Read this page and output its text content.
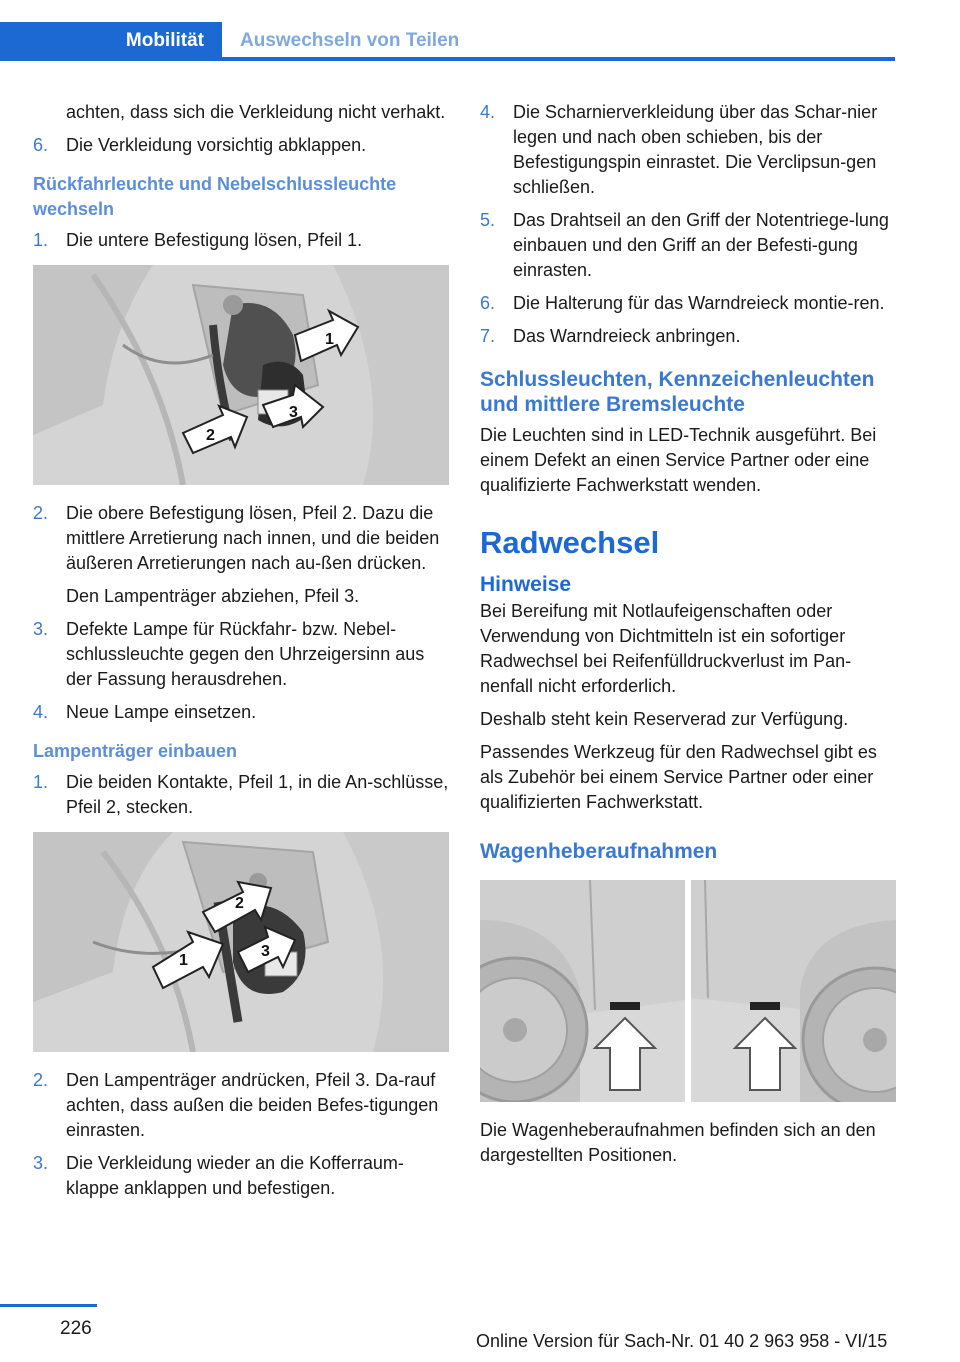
Mobilität Auswechseln von Teilen
achten, dass sich die Verkleidung nicht verhakt.
6. Die Verkleidung vorsichtig abklappen.
Rückfahrleuchte und Nebelschlussleuchte wechseln
1. Die untere Befestigung lösen, Pfeil 1.
1
2
3
2. Die obere Befestigung lösen, Pfeil 2. Dazu die mittlere Arretierung nach innen, und die beiden äußeren Arretierungen nach au‐ßen drücken.
Den Lampenträger abziehen, Pfeil 3.
3. Defekte Lampe für Rückfahr- bzw. Nebel‐schlussleuchte gegen den Uhrzeigersinn aus der Fassung herausdrehen.
4. Neue Lampe einsetzen.
Lampenträger einbauen
1. Die beiden Kontakte, Pfeil 1, in die An‐schlüsse, Pfeil 2, stecken.
1
2
3
2. Den Lampenträger andrücken, Pfeil 3. Da‐rauf achten, dass außen die beiden Befes‐tigungen einrasten.
3. Die Verkleidung wieder an die Kofferraum‐klappe anklappen und befestigen.
4. Die Scharnierverkleidung über das Schar‐nier legen und nach oben schieben, bis der Befestigungspin einrastet. Die Verclipsun‐gen schließen.
5. Das Drahtseil an den Griff der Notentriege‐lung einbauen und den Griff an der Befesti‐gung einrasten.
6. Die Halterung für das Warndreieck montie‐ren.
7. Das Warndreieck anbringen.
Schlussleuchten, Kennzeichenleuchten und mittlere Bremsleuchte
Die Leuchten sind in LED-Technik ausgeführt. Bei einem Defekt an einen Service Partner oder eine qualifizierte Fachwerkstatt wenden.
Radwechsel
Hinweise
Bei Bereifung mit Notlaufeigenschaften oder Verwendung von Dichtmitteln ist ein sofortiger Radwechsel bei Reifenfülldruckverlust im Pan‐nenfall nicht erforderlich.
Deshalb steht kein Reserverad zur Verfügung.
Passendes Werkzeug für den Radwechsel gibt es als Zubehör bei einem Service Partner oder einer qualifizierten Fachwerkstatt.
Wagenheberaufnahmen
Die Wagenheberaufnahmen befinden sich an den dargestellten Positionen.
226
Online Version für Sach-Nr. 01 40 2 963 958 - VI/15
